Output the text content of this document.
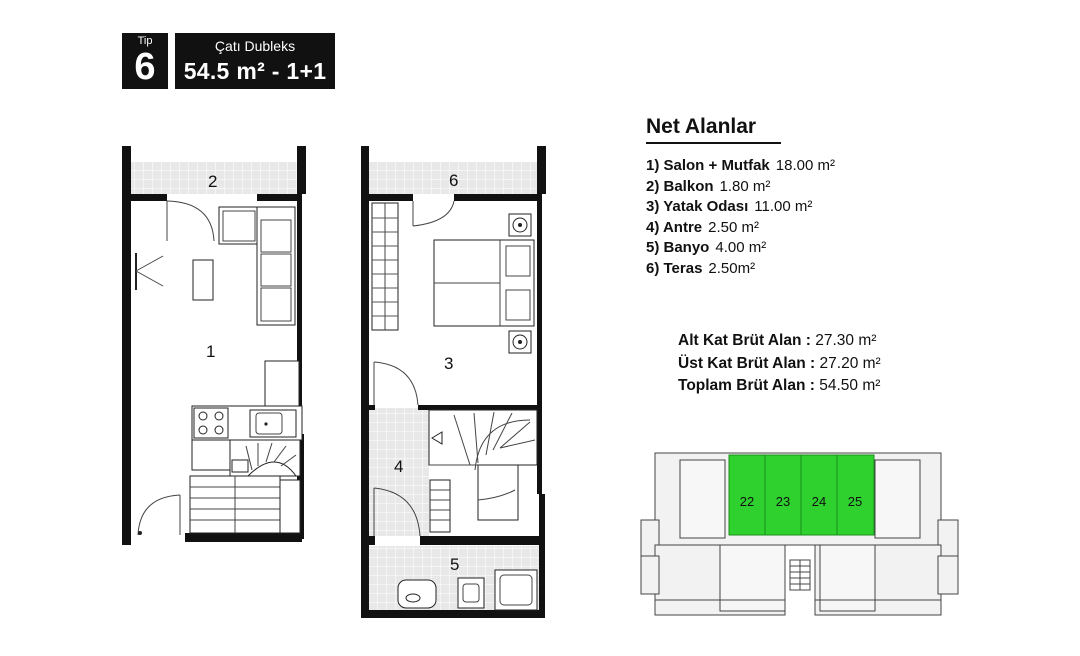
Tip
6	Çatı Dubleks
54.5 m² - 1+1
2
1
6
3
4
5
22 23 24 25
Net Alanlar
1) Salon + Mutfak 18.00 m²
2) Balkon 1.80 m²
3) Yatak Odası 11.00 m²
4) Antre 2.50 m²
5) Banyo 4.00 m²
6) Teras 2.50m²
Alt Kat Brüt Alan : 27.30 m²
Üst Kat Brüt Alan : 27.20 m²
Toplam Brüt Alan : 54.50 m²
